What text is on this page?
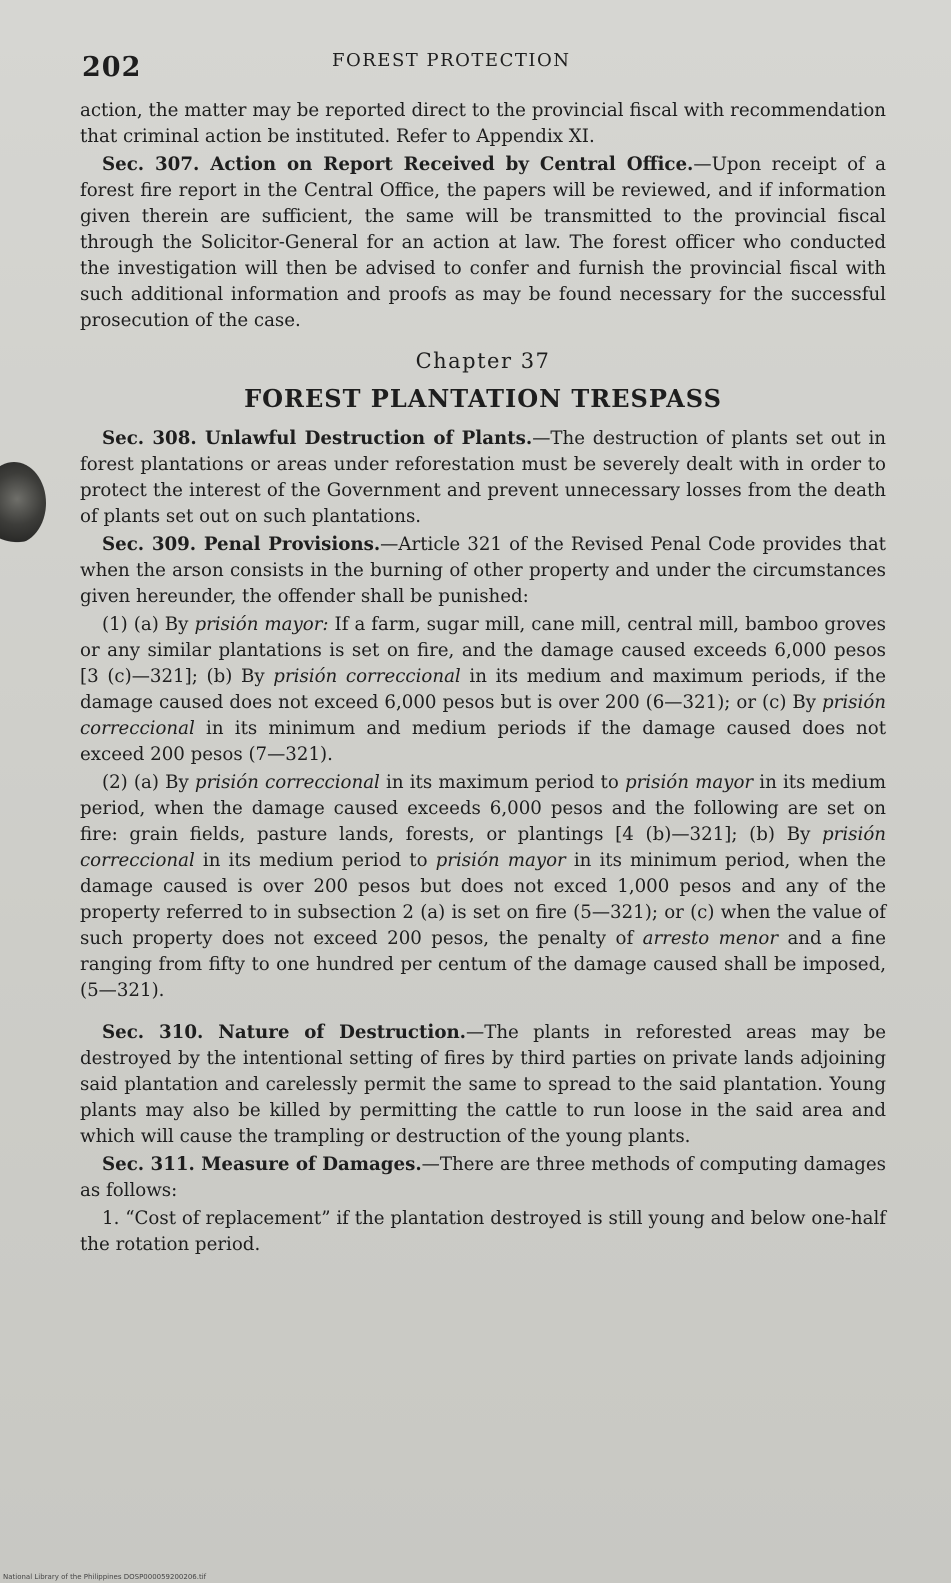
202	FOREST PROTECTION

action, the matter may be reported direct to the provincial fiscal with recommendation that criminal action be instituted. Refer to Appendix XI.

Sec. 307. Action on Report Received by Central Office.—Upon receipt of a forest fire report in the Central Office, the papers will be reviewed, and if information given therein are sufficient, the same will be transmitted to the provincial fiscal through the Solicitor-General for an action at law. The forest officer who conducted the investigation will then be advised to confer and furnish the provincial fiscal with such additional information and proofs as may be found necessary for the successful prosecution of the case.

Chapter 37
FOREST PLANTATION TRESPASS

Sec. 308. Unlawful Destruction of Plants.—The destruction of plants set out in forest plantations or areas under reforestation must be severely dealt with in order to protect the interest of the Government and prevent unnecessary losses from the death of plants set out on such plantations.

Sec. 309. Penal Provisions.—Article 321 of the Revised Penal Code provides that when the arson consists in the burning of other property and under the circumstances given hereunder, the offender shall be punished:

(1) (a) By prisión mayor: If a farm, sugar mill, cane mill, central mill, bamboo groves or any similar plantations is set on fire, and the damage caused exceeds 6,000 pesos [3 (c)—321]; (b) By prisión correccional in its medium and maximum periods, if the damage caused does not exceed 6,000 pesos but is over 200 (6—321); or (c) By prisión correccional in its minimum and medium periods if the damage caused does not exceed 200 pesos (7—321).

(2) (a) By prisión correccional in its maximum period to prisión mayor in its medium period, when the damage caused exceeds 6,000 pesos and the following are set on fire: grain fields, pasture lands, forests, or plantings [4 (b)—321]; (b) By prisión correccional in its medium period to prisión mayor in its minimum period, when the damage caused is over 200 pesos but does not exced 1,000 pesos and any of the property referred to in subsection 2 (a) is set on fire (5—321); or (c) when the value of such property does not exceed 200 pesos, the penalty of arresto menor and a fine ranging from fifty to one hundred per centum of the damage caused shall be imposed, (5—321).

Sec. 310. Nature of Destruction.—The plants in reforested areas may be destroyed by the intentional setting of fires by third parties on private lands adjoining said plantation and carelessly permit the same to spread to the said plantation. Young plants may also be killed by permitting the cattle to run loose in the said area and which will cause the trampling or destruction of the young plants.

Sec. 311. Measure of Damages.—There are three methods of computing damages as follows:

1. “Cost of replacement” if the plantation destroyed is still young and below one-half the rotation period.

National Library of the Philippines DOSP000059200206.tif
